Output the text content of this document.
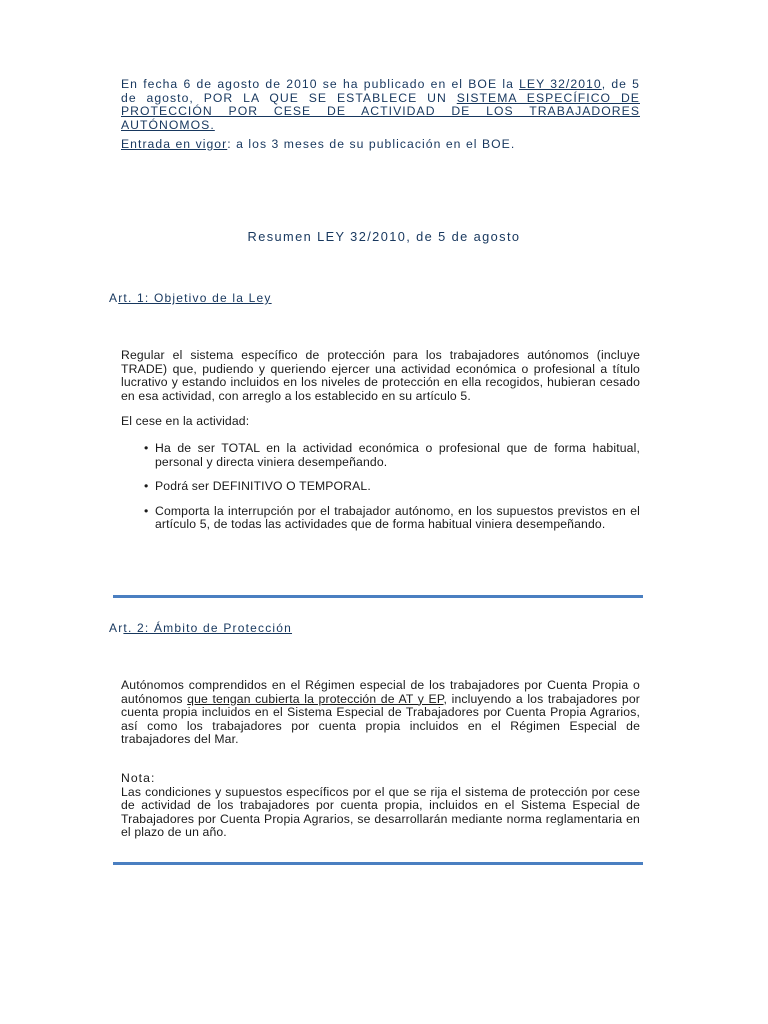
En fecha 6 de agosto de 2010 se ha publicado en el BOE la LEY 32/2010, de 5 de agosto, POR LA QUE SE ESTABLECE UN SISTEMA ESPECÍFICO DE PROTECCIÓN POR CESE DE ACTIVIDAD DE LOS TRABAJADORES AUTÓNOMOS.

Entrada en vigor: a los 3 meses de su publicación en el BOE.
Resumen LEY 32/2010, de 5 de agosto
Art. 1: Objetivo de la Ley

Regular el sistema específico de protección para los trabajadores autónomos (incluye TRADE) que, pudiendo y queriendo ejercer una actividad económica o profesional a título lucrativo y estando incluidos en los niveles de protección en ella recogidos, hubieran cesado en esa actividad, con arreglo a los establecido en su artículo 5.

El cese en la actividad:
• Ha de ser TOTAL en la actividad económica o profesional que de forma habitual, personal y directa viniera desempeñando.
• Podrá ser DEFINITIVO O TEMPORAL.
• Comporta la interrupción por el trabajador autónomo, en los supuestos previstos en el artículo 5, de todas las actividades que de forma habitual viniera desempeñando.
Art. 2: Ámbito de Protección

Autónomos comprendidos en el Régimen especial de los trabajadores por Cuenta Propia o autónomos que tengan cubierta la protección de AT y EP, incluyendo a los trabajadores por cuenta propia incluidos en el Sistema Especial de Trabajadores por Cuenta Propia Agrarios, así como los trabajadores por cuenta propia incluidos en el Régimen Especial de trabajadores del Mar.

Nota:
Las condiciones y supuestos específicos por el que se rija el sistema de protección por cese de actividad de los trabajadores por cuenta propia, incluidos en el Sistema Especial de Trabajadores por Cuenta Propia Agrarios, se desarrollarán mediante norma reglamentaria en el plazo de un año.
